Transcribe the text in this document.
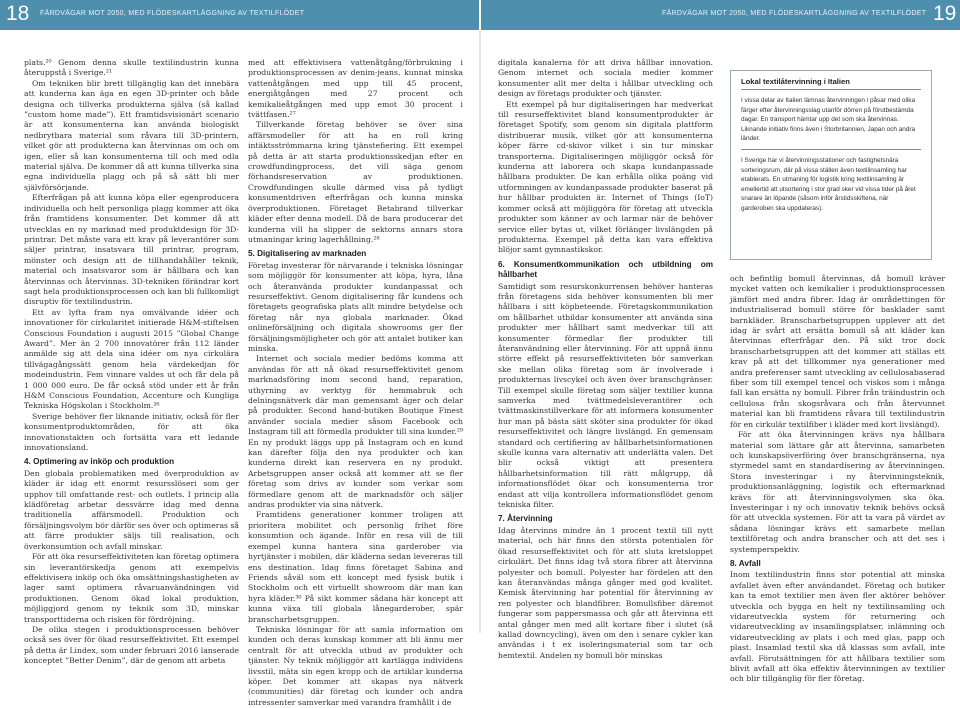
18 FÄRDVÄGAR MOT 2050, MED FLÖDESKARTLÄGGNING AV TEXTILFLÖDET	FÄRDVÄGAR MOT 2050, MED FLÖDESKARTLÄGGNING AV TEXTILFLÖDET 19

plats.²⁰ Genom denna skulle textilindustrin kunna återuppstå i Sverige.²¹

Om tekniken blir brett tillgänglig kan det innebära att kunderna kan äga en egen 3D-printer och både designa och tillverka produkterna själva (så kallad ”custom home made”). Ett framtidsvisionärt scenario är att konsumenterna kan använda biologiskt nedbrytbara material som råvara till 3D-printern, vilket gör att produkterna kan återvinnas om och om igen, eller så kan konsumenterna till och med odla material själva. De kommer då att kunna tillverka sina egna individuella plagg och på så sätt bli mer självförsörjande.

Efterfrågan på att kunna köpa eller egenproducera individuella och helt personliga plagg kommer att öka från framtidens konsumenter. Det kommer då att utvecklas en ny marknad med produktdesign för 3D-printrar. Det måste vara ett krav på leverantörer som säljer printrar, insatsvara till printrar, program, mönster och design att de tillhandahåller teknik, material och insatsvaror som är hållbara och kan återvinnas och återvinnas. 3D-tekniken förändrar kort sagt hela produktionsprocessen och kan bli fullkomligt disruptiv för textilindustrin.

Ett av lyfta fram nya omvälvande idéer och innovationer för cirkularitet initierade H&M-stiftelsen Conscious Foundation i augusti 2015 ”Global Change Award”. Mer än 2 700 innovatörer från 112 länder anmälde sig att dela sina idéer om nya cirkulära tillvägagångssätt genom hela värdekedjan för modeindustrin. Fem vinnare valdes ut och får dela på 1 000 000 euro. De får också stöd under ett år från H&M Conscious Foundation, Accenture och Kungliga Tekniska Högskolan i Stockholm.²⁶

Sverige behöver fler liknande initiativ, också för fler konsumentproduktområden, för att öka innovationstakten och fortsätta vara ett ledande innovationsland.

4. Optimering av inköp och produktion

Den globala problematiken med överproduktion av kläder är idag ett enormt resursslöseri som ger upphov till omfattande rest- och outlets. I princip alla klädföretag arbetar dessvärre idag med denna traditionella affärsmodell. Produktion och försäljningsvolym bör därför ses över och optimeras så att färre produkter säljs till realisation, och överkonsumtion och avfall minskar.

För att öka resurseffektiviteten kan företag optimera sin leverantörskedja genom att exempelvis effektivisera inköp och öka omsättningshastigheten av lager samt optimera råvaruanvändningen vid produktionen. Genom ökad lokal produktion, möjliggjord genom ny teknik som 3D, minskar transporttiderna och risken för fördröjning.

De olika stegen i produktionsprocessen behöver också ses över för ökad resurseffektivitet. Ett exempel på detta är Lindex, som under februari 2016 lanserade konceptet ”Better Denim”, där de genom att arbeta

med att effektivisera vattenåtgång/förbrukning i produktionsprocessen av denim-jeans, kunnat minska vattenåtgången med upp till 45 procent, energiåtgången med 27 procent och kemikalieåtgången med upp emot 30 procent i tvättfasen.²⁷

Tillverkande företag behöver se över sina affärsmodeller för att ha en roll kring intäktsströmmarna kring tjänstefiering. Ett exempel på detta är att starta produktionsskedjan efter en crowdfundingprocess, det vill säga genom förhandsreservation av produktionen. Crowdfundingen skulle därmed visa på tydligt konsumentdriven efterfrågan och kunna minska överproduktionen. Företaget Betabrand tillverkar kläder efter denna modell. Då de bara producerar det kunderna vill ha slipper de sektorns annars stora utmaningar kring lagerhållning.²⁸

5. Digitalisering av marknaden

Företag investerar för närvarande i tekniska lösningar som möjliggör för konsumenter att köpa, hyra, låna och återanvända produkter kundanpassat och resurseffektivt. Genom digitalisering får kundens och företagets geografiska plats allt mindre betydelse och företag når nya globala marknader. Ökad onlineförsäljning och digitala showrooms ger fler försäljningsmöjligheter och gör att antalet butiker kan minska.

Internet och sociala medier bedöms komma att användas för att nå ökad resurseffektivitet genom marknadsföring inom second hand, reparation, uthyrning av verktyg för hemmabruk och delningsnätverk där man gemensamt äger och delar på produkter. Second hand-butiken Boutique Finest använder sociala medier såsom Facebook och Instagram till att förmedla produkter till sina kunder.²⁹ En ny produkt läggs upp på Instagram och en kund kan därefter följa den nya produkter och kan kunderna direkt kan reservera en ny produkt. Arbetsgruppen anser också att kommer att se fler företag som drivs av kunder som verkar som förmedlare genom att de marknadsför och säljer andras produkter via sina nätverk.

Framtidens generationer kommer troligen att prioritera mobilitet och personlig frihet före konsumtion och ägande. Inför en resa vill de till exempel kunna hantera sina garderober via hyrtjänster i mobilen, där kläderna sedan levereras till ens destination. Idag finns företaget Sabina and Friends såväl som ett koncept med fysisk butik i Stockholm och ett virtuellt showroom där man kan hyra kläder.³⁰ På sikt kommer sådana här koncept att kunna växa till globala lånegarderober, spär branscharbetsgruppen.

Tekniska lösningar för att samla information om kunden och deras kunskap kommer att bli ännu mer centralt för att utveckla utbud av produkter och tjänster. Ny teknik möjliggör att kartlägga individens livsstil, mäta sin egen kropp och de artiklar kunderna köper. Det kommer att skapas nya nätverk (communities) där företag och kunder och andra intressenter samverkar med varandra framhållt i de

digitala kanalerna för att driva hållbar innovation. Genom internet och sociala medier kommer konsumenter allt mer delta i hållbar utveckling och design av företags produkter och tjänster.

Ett exempel på hur digitaliseringen har medverkat till resurseffektivitet bland konsumentprodukter är företaget Spotify, som genom sin digitala plattform distribuerar musik, vilket gör att konsumenterna köper färre cd-skivor vilket i sin tur minskar transporterna. Digitaliseringen möjliggör också för kunderna att laborera och skapa kundanpassade hållbara produkter. De kan erhålla olika poäng vid utformningen av kundanpassade produkter baserat på hur hållbar produkten är. Internet of Things (IoT) kommer också att möjliggöra för företag att utveckla produkter som känner av och larmar när de behöver service eller bytas ut, vilket förlänger livslängden på produkterna. Exempel på detta kan vara effektiva blöjor samt gymnastikskor.

6. Konsumentkommunikation och utbildning om hållbarhet

Samtidigt som resurskonkurrensen behöver hanteras från företagens sida behöver konsumenten bli mer hållbara i sitt köpbeteende. Företagskommunikation om hållbarhet utbildar konsumenter att använda sina produkter mer hållbart samt medverkar till att konsumenter förmedlar fler produkter till återanvändning eller återvinning. För att uppnå ännu större effekt på resurseffektiviteten bör samverkan ske mellan olika företag som är involverade i produkternas livscykel och även över branschgränser. Till exempel skulle företag som säljer textilier kunna samverka med tvättmedelsleverantörer och tvättmaskinstillverkare för att informera konsumenter hur man på bästa sätt sköter sina produkter för ökad resurseffektivitet och längre livslängd. En gemensam standard och certifiering av hållbarhetsinformationen skulle kunna vara alternativ att underlätta valen. Det blir också viktigt att presentera hållbarhetsinformation till rätt målgrupp, då informationsflödet ökar och konsumenterna tror endast att vilja kontrollera informationsflödet genom tekniska filter.

7. Återvinning

Idag återvinns mindre än 1 procent textil till nytt material, och här finns den största potentialen för ökad resurseffektivitet och för att sluta kretsloppet cirkulärt. Det finns idag två stora fibrer att återvinna polyester och bomull. Polyester har fördelen att den kan återanvändas många gånger med god kvalitet. Kemisk återvinning har potential för återvinning av ren polyester och blandfibrer. Bomullsfiber däremot fungerar som pappersmassa och går att återvinna ett antal gånger men med allt kortare fiber i slutet (så kallad downcycling), även om den i senare cykler kan användas i t ex isoleringsmaterial som tar och hemtextil. Andelen ny bomull bör minskas

och befintlig bomull återvinnas, då bomull kräver mycket vatten och kemikalier i produktionsprocessen jämfört med andra fibrer. Idag är områdettingen för industrialiserad bomull större för basklader samt barnkläder. Branscharbetsgruppen upplever att det idag är svårt att ersätta bomull så att kläder kan återvinnas efterfrågar den. På sikt tror dock branscharbetsgruppen att det kommer att ställas ett krav på att det tillkommer nya generationer med andra preferenser samt utveckling av cellulosabaserad fiber som till exempel tencel och viskos som i många fall kan ersätta ny bomull. Fibrer från träindustrin och cellulosa från skogsråvara och från återvunnet material kan bli framtidens råvara till textilindustrin för en cirkulär textilfiber i kläder med kort livslängd).

För att öka återvinningen krävs nya hållbara material som lättare går att återvinna, samarbeten och kunskapsöverföring över branschgränserna, nya styrmedel samt en standardisering av återvinningen. Stora investeringar i ny återvinningsteknik, produktionsanläggning, logistik och eftermarknad krävs för att återvinningsvolymen ska öka. Investeringar i ny och innovativ teknik behövs också för att utveckla systemen. För att ta vara på värdet av sådana lösningar krävs ett samarbete mellan textilföretag och andra branscher och att det ses i systemperspektiv.

8. Avfall

Inom textilindustrin finns stor potential att minska avfallet även efter användandet. Företag och butiker kan ta emot textilier men även fler aktörer behöver utveckla och bygga en helt ny textilinsamling och vidareutveckla system för returnering och vidareutveckling av insamlingsplatser, inlämning och vidareutveckling av plats i och med glas, papp och plast. Insamlad textil ska då klassas som avfall, inte avfall. Förutsättningen för att hållbara textilier som blivit avfall att öka effektiv återvinningen av textilier och blir tillgänglig för fler företag.

Lokal textilåtervinning i Italien

I vissa delar av Italien lämnas återvinningen i påsar med olika färger efter återvinningsslag utanför dörren på förutbestämda dagar. En transport hämtar upp det som ska återvinnas. Liknande initiativ finns även i Storbritannien, Japan och andra länder.

I Sverige har vi återvinningsstationer och fastighetsnära sorteringsrum, där på vissa ställen även textilinsamling har etablerats. En utmaning för logistik kring textilinsamling är emellertid att utsortering i stor grad sker vid vissa tider på året snarare än löpande (såsom inför årstidsskiftena, när garderoben ska uppdateras).
